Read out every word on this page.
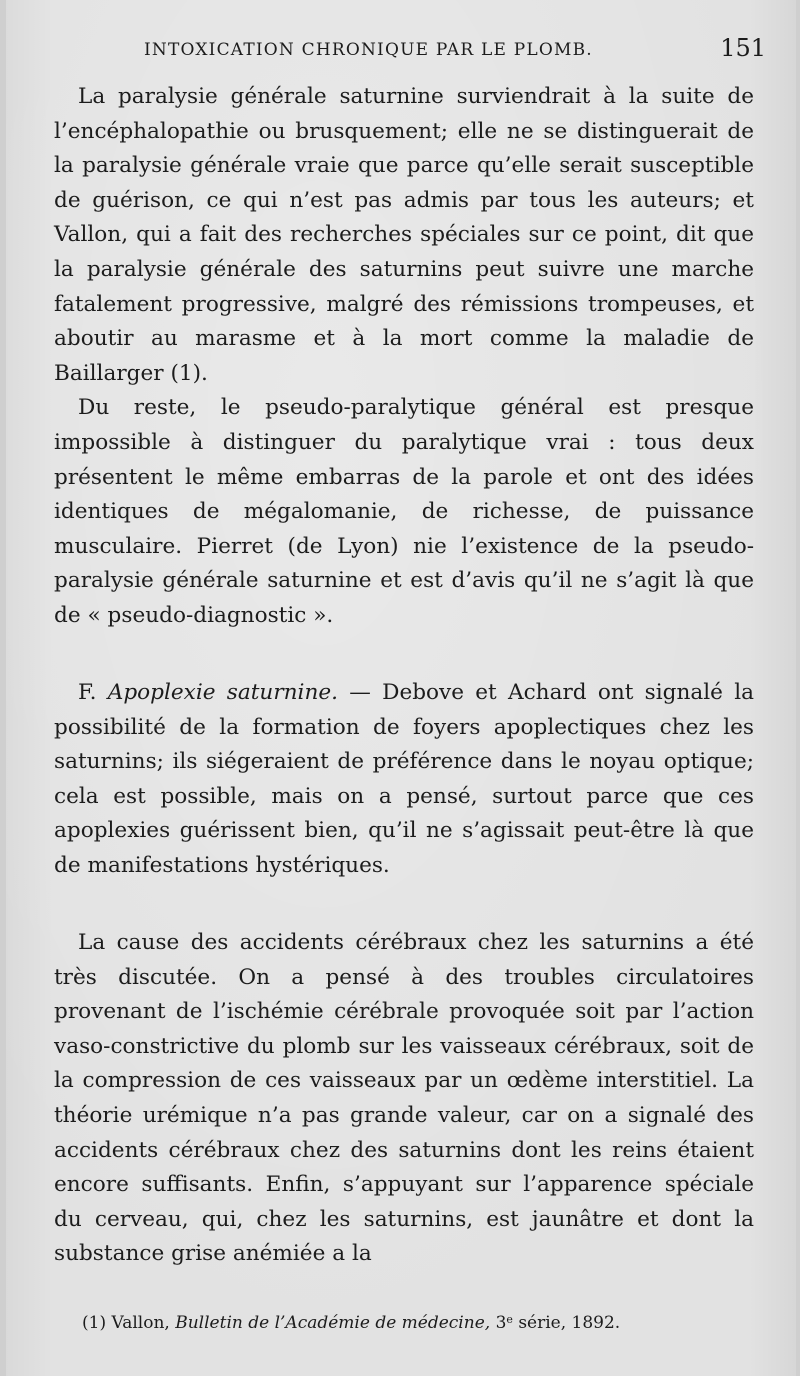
INTOXICATION CHRONIQUE PAR LE PLOMB.	151

La paralysie générale saturnine surviendrait à la suite de l’encéphalopathie ou brusquement; elle ne se distinguerait de la paralysie générale vraie que parce qu’elle serait susceptible de guérison, ce qui n’est pas admis par tous les auteurs; et Vallon, qui a fait des recherches spéciales sur ce point, dit que la paralysie générale des saturnins peut suivre une marche fatalement progressive, malgré des rémissions trompeuses, et aboutir au marasme et à la mort comme la maladie de Baillarger (1).

Du reste, le pseudo-paralytique général est presque impossible à distinguer du paralytique vrai : tous deux présentent le même embarras de la parole et ont des idées identiques de mégalomanie, de richesse, de puissance musculaire. Pierret (de Lyon) nie l’existence de la pseudo-paralysie générale saturnine et est d’avis qu’il ne s’agit là que de « pseudo-diagnostic ».

F. Apoplexie saturnine. — Debove et Achard ont signalé la possibilité de la formation de foyers apoplectiques chez les saturnins; ils siégeraient de préférence dans le noyau optique; cela est possible, mais on a pensé, surtout parce que ces apoplexies guérissent bien, qu’il ne s’agissait peut-être là que de manifestations hystériques.

La cause des accidents cérébraux chez les saturnins a été très discutée. On a pensé à des troubles circulatoires provenant de l’ischémie cérébrale provoquée soit par l’action vaso-constrictive du plomb sur les vaisseaux cérébraux, soit de la compression de ces vaisseaux par un œdème interstitiel. La théorie urémique n’a pas grande valeur, car on a signalé des accidents cérébraux chez des saturnins dont les reins étaient encore suffisants. Enfin, s’appuyant sur l’apparence spéciale du cerveau, qui, chez les saturnins, est jaunâtre et dont la substance grise anémiée a la

(1) Vallon, Bulletin de l’Académie de médecine, 3e série, 1892.
